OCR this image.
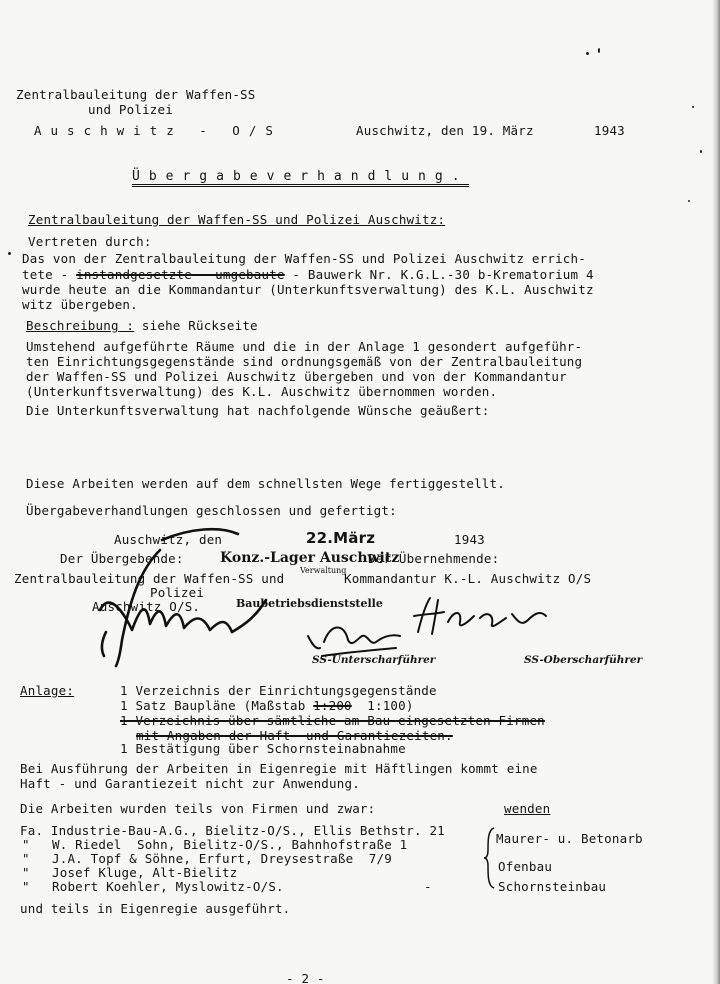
Zentralbauleitung der Waffen-SS
und Polizei
Auschwitz - O/S	Auschwitz, den 19. März	1943
Übergabeverhandlung.
Zentralbauleitung der Waffen-SS und Polizei Auschwitz:
Vertreten durch:
Das von der Zentralbauleitung der Waffen-SS und Polizei Auschwitz errich-
tete - instandgesetzte - umgebaute - Bauwerk Nr. K.G.L.-30 b-Krematorium 4
wurde heute an die Kommandantur (Unterkunftsverwaltung) des K.L. Auschwitz
witz übergeben.
Beschreibung : siehe Rückseite
Umstehend aufgeführte Räume und die in der Anlage 1 gesondert aufgeführ-
ten Einrichtungsgegenstände sind ordnungsgemäß von der Zentralbauleitung
der Waffen-SS und Polizei Auschwitz übergeben und von der Kommandantur
(Unterkunftsverwaltung) des K.L. Auschwitz übernommen worden.
Die Unterkunftsverwaltung hat nachfolgende Wünsche geäußert:
Diese Arbeiten werden auf dem schnellsten Wege fertiggestellt.
Übergabeverhandlungen geschlossen und gefertigt:
Auschwitz, den	22.März	1943
Der Übergebende:	Der Übernehmende:
Zentralbauleitung der Waffen-SS und
Polizei
Auschwitz O/S.
Kommandantur K.-L. Auschwitz O/S
Konz.-Lager Auschwitz
Verwaltung
Baubetriebsdienststelle
SS-Unterscharführer	SS-Oberscharführer
Anlage:	1 Verzeichnis der Einrichtungsgegenstände
1 Satz Baupläne (Maßstab 1:200  1:100)
1 Verzeichnis über sämtliche am Bau eingesetzten Firmen
mit Angaben der Haft- und Garantiezeiten.
1 Bestätigung über Schornsteinabnahme
Bei Ausführung der Arbeiten in Eigenregie mit Häftlingen kommt eine
Haft - und Garantiezeit nicht zur Anwendung.
Die Arbeiten wurden teils von Firmen und zwar:	wenden
Fa. Industrie-Bau-A.G., Bielitz-O/S., Ellis Bethstr. 21
" W. Riedel  Sohn, Bielitz-O/S., Bahnhofstraße 1
" J.A. Topf & Söhne, Erfurt, Dreysestraße  7/9
" Josef Kluge, Alt-Bielitz
" Robert Koehler, Myslowitz-O/S.	-
Maurer- u. Betonarb
Ofenbau
Schornsteinbau
und teils in Eigenregie ausgeführt.
- 2 -
